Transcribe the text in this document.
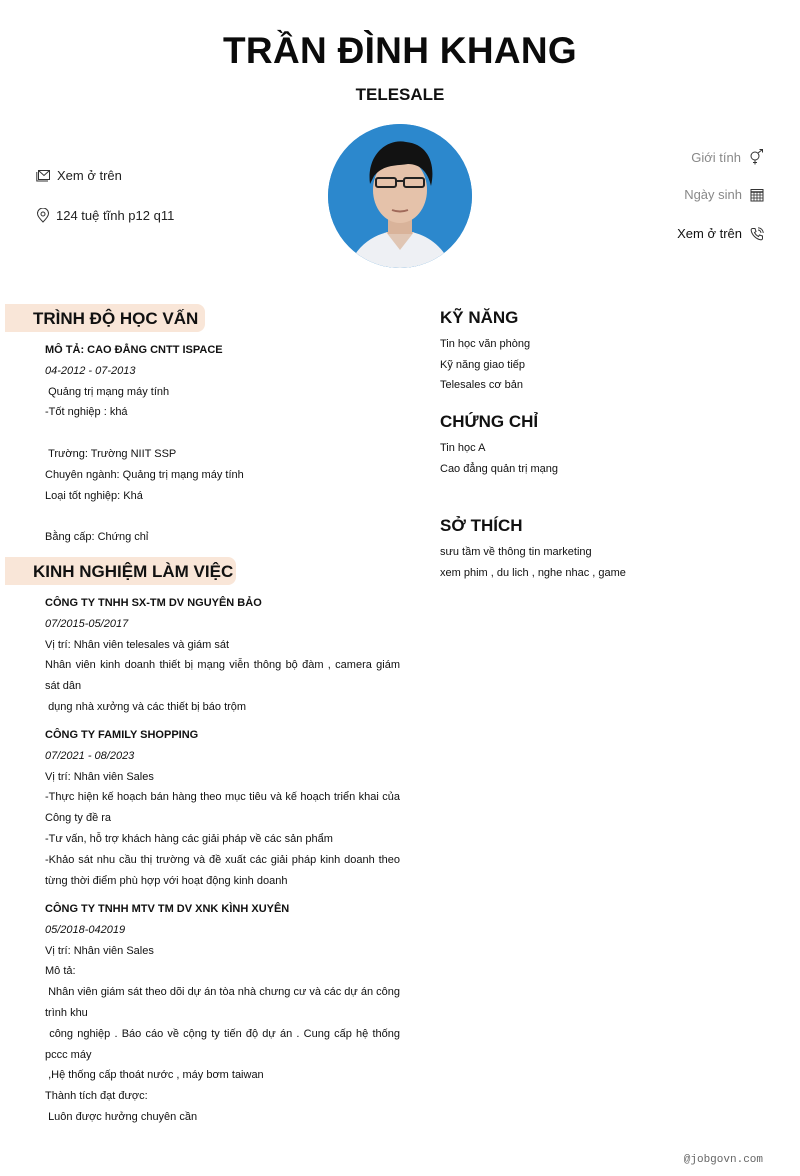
TRẦN ĐÌNH KHANG
TELESALE
Xem ở trên
124 tuệ tĩnh p12 q11
Giới tính
Ngày sinh
Xem ở trên
TRÌNH ĐỘ HỌC VẤN
MÔ TẢ: CAO ĐẲNG CNTT ISPACE
04-2012 - 07-2013
Quảng trị mạng máy tính
-Tốt nghiệp : khá
Trường: Trường NIIT SSP
Chuyên ngành: Quảng trị mạng máy tính
Loại tốt nghiệp: Khá
Bằng cấp: Chứng chỉ
KINH NGHIỆM LÀM VIỆC
CÔNG TY TNHH SX-TM DV NGUYÊN BẢO
07/2015-05/2017
Vị trí: Nhân viên telesales và giám sát
Nhân viên kinh doanh thiết bị mạng viễn thông bộ đàm , camera giám sát dân
dụng nhà xưởng và các thiết bị báo trộm
CÔNG TY FAMILY SHOPPING
07/2021 - 08/2023
Vị trí: Nhân viên Sales
-Thực hiện kế hoạch bán hàng theo mục tiêu và kế hoạch triển khai của Công ty đề ra
-Tư vấn, hỗ trợ khách hàng các giải pháp về các sản phẩm
-Khảo sát nhu cầu thị trường và đề xuất các giải pháp kinh doanh theo từng thời điểm phù hợp với hoạt động kinh doanh
CÔNG TY TNHH MTV TM DV XNK KÌNH XUYÊN
05/2018-042019
Vị trí: Nhân viên Sales
Mô tả:
Nhân viên giám sát theo dõi dự án tòa nhà chưng cư và các dự án công trình khu
công nghiệp . Báo cáo về cộng ty tiến độ dự án . Cung cấp hệ thống pccc máy
,Hệ thống cấp thoát nước , máy bơm taiwan
Thành tích đạt được:
Luôn được hưởng chuyên cần
KỸ NĂNG
Tin học văn phòng
Kỹ năng giao tiếp
Telesales cơ bản
CHỨNG CHỈ
Tin học A
Cao đẳng quản trị mạng
SỞ THÍCH
sưu tầm về thông tin marketing
xem phim , du lich , nghe nhac , game
@jobgovn.com
